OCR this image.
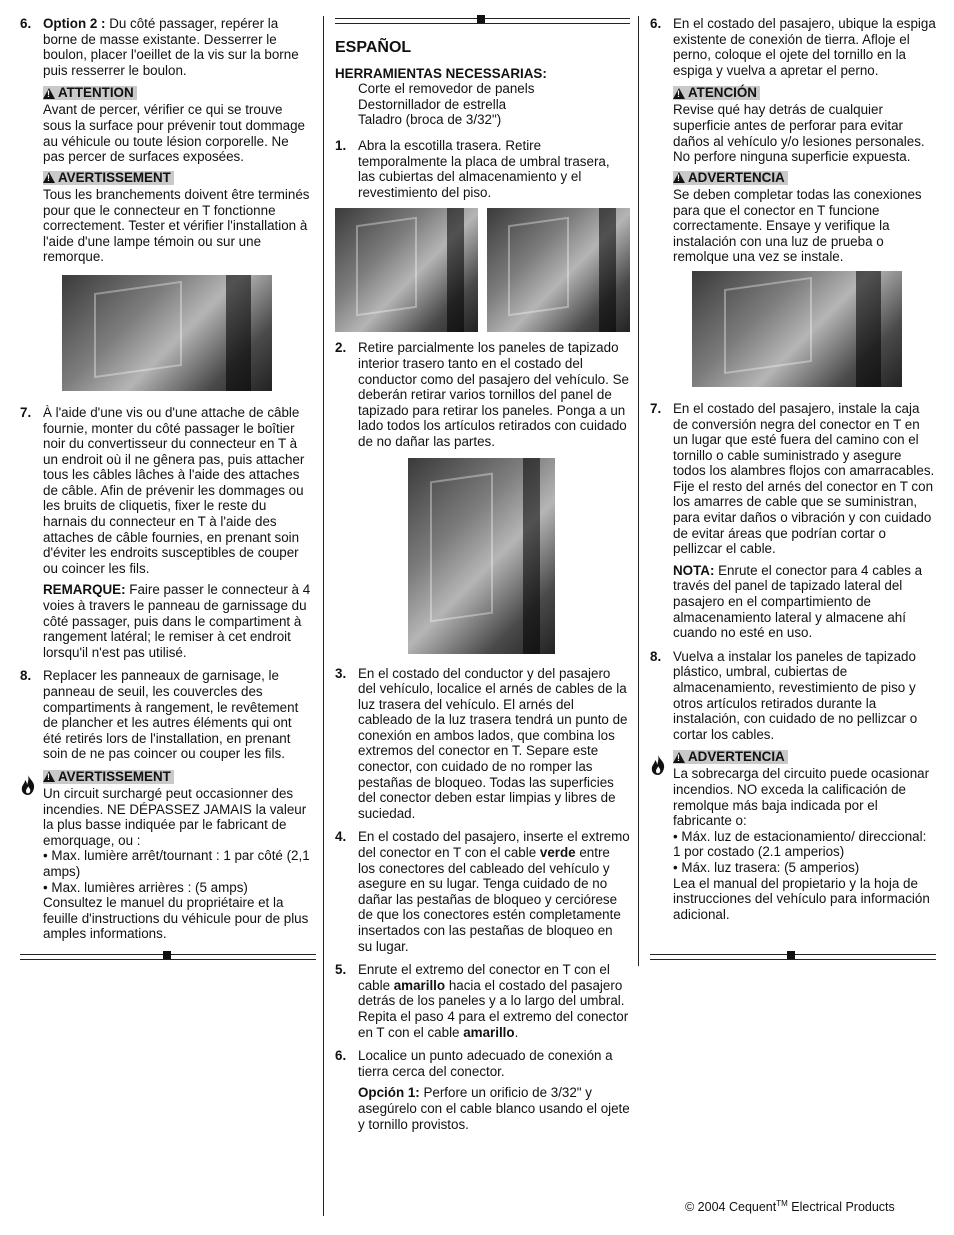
6. Option 2 : Du côté passager, repérer la borne de masse existante. Desserrer le boulon, placer l'oeillet de la vis sur la borne puis resserrer le boulon.
!
ATTENTION
Avant de percer, vérifier ce qui se trouve sous la surface pour prévenir tout dommage au véhicule ou toute lésion corporelle. Ne pas percer de surfaces exposées.
!
AVERTISSEMENT
Tous les branchements doivent être terminés pour que le connecteur en T fonctionne correctement. Tester et vérifier l'installation à l'aide d'une lampe témoin ou sur une remorque.
7. À l'aide d'une vis ou d'une attache de câble fournie, monter du côté passager le boîtier noir du convertisseur du connecteur en T à un endroit où il ne gênera pas, puis attacher tous les câbles lâches à l'aide des attaches de câble. Afin de prévenir les dommages ou les bruits de cliquetis, fixer le reste du harnais du connecteur en T à l'aide des attaches de câble fournies, en prenant soin d'éviter les endroits susceptibles de couper ou coincer les fils.
REMARQUE: Faire passer le connecteur à 4 voies à travers le panneau de garnissage du côté passager, puis dans le compartiment à rangement latéral; le remiser à cet endroit lorsqu'il n'est pas utilisé.
8. Replacer les panneaux de garnisage, le panneau de seuil, les couvercles des compartiments à rangement, le revêtement de plancher et les autres éléments qui ont été retirés lors de l'installation, en prenant soin de ne pas coincer ou couper les fils.
!
AVERTISSEMENT
Un circuit surchargé peut occasionner des incendies. NE DÉPASSEZ JAMAIS la valeur la plus basse indiquée par le fabricant de emorquage, ou :
• Max. lumière arrêt/tournant : 1 par côté (2,1 amps)
• Max. lumières arrières : (5 amps)
Consultez le manuel du propriétaire et la feuille d'instructions du véhicule pour de plus amples informations.
ESPAÑOL
HERRAMIENTAS NECESSARIAS:
Corte el removedor de panels
Destornillador de estrella
Taladro (broca de 3/32")
1. Abra la escotilla trasera. Retire temporalmente la placa de umbral trasera, las cubiertas del almacenamiento y el revestimiento del piso.
2. Retire parcialmente los paneles de tapizado interior trasero tanto en el costado del conductor como del pasajero del vehículo. Se deberán retirar varios tornillos del panel de tapizado para retirar los paneles. Ponga a un lado todos los artículos retirados con cuidado de no dañar las partes.
3. En el costado del conductor y del pasajero del vehículo, localice el arnés de cables de la luz trasera del vehículo. El arnés del cableado de la luz trasera tendrá un punto de conexión en ambos lados, que combina los extremos del conector en T. Separe este conector, con cuidado de no romper las pestañas de bloqueo. Todas las superficies del conector deben estar limpias y libres de suciedad.
4. En el costado del pasajero, inserte el extremo del conector en T con el cable verde entre los conectores del cableado del vehículo y asegure en su lugar. Tenga cuidado de no dañar las pestañas de bloqueo y cerciórese de que los conectores estén completamente insertados con las pestañas de bloqueo en su lugar.
5. Enrute el extremo del conector en T con el cable amarillo hacia el costado del pasajero detrás de los paneles y a lo largo del umbral. Repita el paso 4 para el extremo del conector en T con el cable amarillo.
6. Localice un punto adecuado de conexión a tierra cerca del conector.
Opción 1: Perfore un orificio de 3/32" y asegúrelo con el cable blanco usando el ojete y tornillo provistos.
6. En el costado del pasajero, ubique la espiga existente de conexión de tierra. Afloje el perno, coloque el ojete del tornillo en la espiga y vuelva a apretar el perno.
!
ATENCIÓN
Revise qué hay detrás de cualquier superficie antes de perforar para evitar daños al vehículo y/o lesiones personales. No perfore ninguna superficie expuesta.
!
ADVERTENCIA
Se deben completar todas las conexiones para que el conector en T funcione correctamente. Ensaye y verifique la instalación con una luz de prueba o remolque una vez se instale.
7. En el costado del pasajero, instale la caja de conversión negra del conector en T en un lugar que esté fuera del camino con el tornillo o cable suministrado y asegure todos los alambres flojos con amarracables. Fije el resto del arnés del conector en T con los amarres de cable que se suministran, para evitar daños o vibración y con cuidado de evitar áreas que podrían cortar o pellizcar el cable.
NOTA: Enrute el conector para 4 cables a través del panel de tapizado lateral del pasajero en el compartimiento de almacenamiento lateral y almacene ahí cuando no esté en uso.
8. Vuelva a instalar los paneles de tapizado plástico, umbral, cubiertas de almacenamiento, revestimiento de piso y otros artículos retirados durante la instalación, con cuidado de no pellizcar o cortar los cables.
!
ADVERTENCIA
La sobrecarga del circuito puede ocasionar incendios. NO exceda la calificación de remolque más baja indicada por el fabricante o:
• Máx. luz de estacionamiento/ direccional: 1 por costado (2.1 amperios)
• Máx. luz trasera: (5 amperios)
Lea el manual del propietario y la hoja de instrucciones del vehículo para información adicional.
© 2004 Cequent™ Electrical Products
